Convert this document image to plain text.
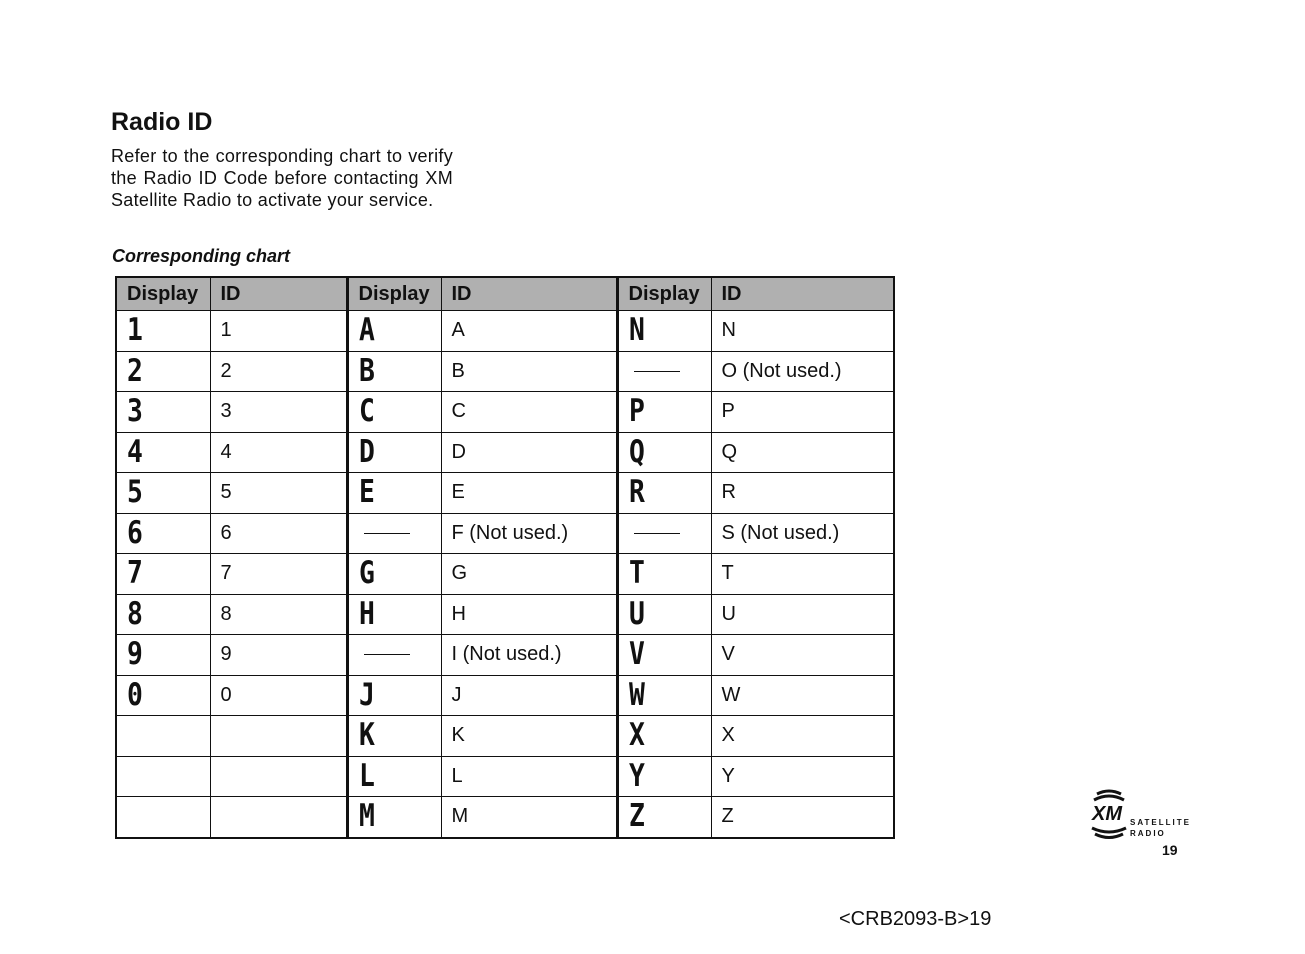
Radio ID

Refer to the corresponding chart to verify the Radio ID Code before contacting XM Satellite Radio to activate your service.

Corresponding chart

Display	ID	Display	ID	Display	ID
1	1	A	A	N	N
2	2	B	B		O (Not used.)
3	3	C	C	P	P
4	4	D	D	Q	Q
5	5	E	E	R	R
6	6		F (Not used.)		S (Not used.)
7	7	G	G	T	T
8	8	H	H	U	U
9	9		I (Not used.)	V	V
0	0	J	J	W	W
		K	K	X	X
		L	L	Y	Y
		M	M	Z	Z	XM SATELLITE
RADIO

19

<CRB2093-B>19
